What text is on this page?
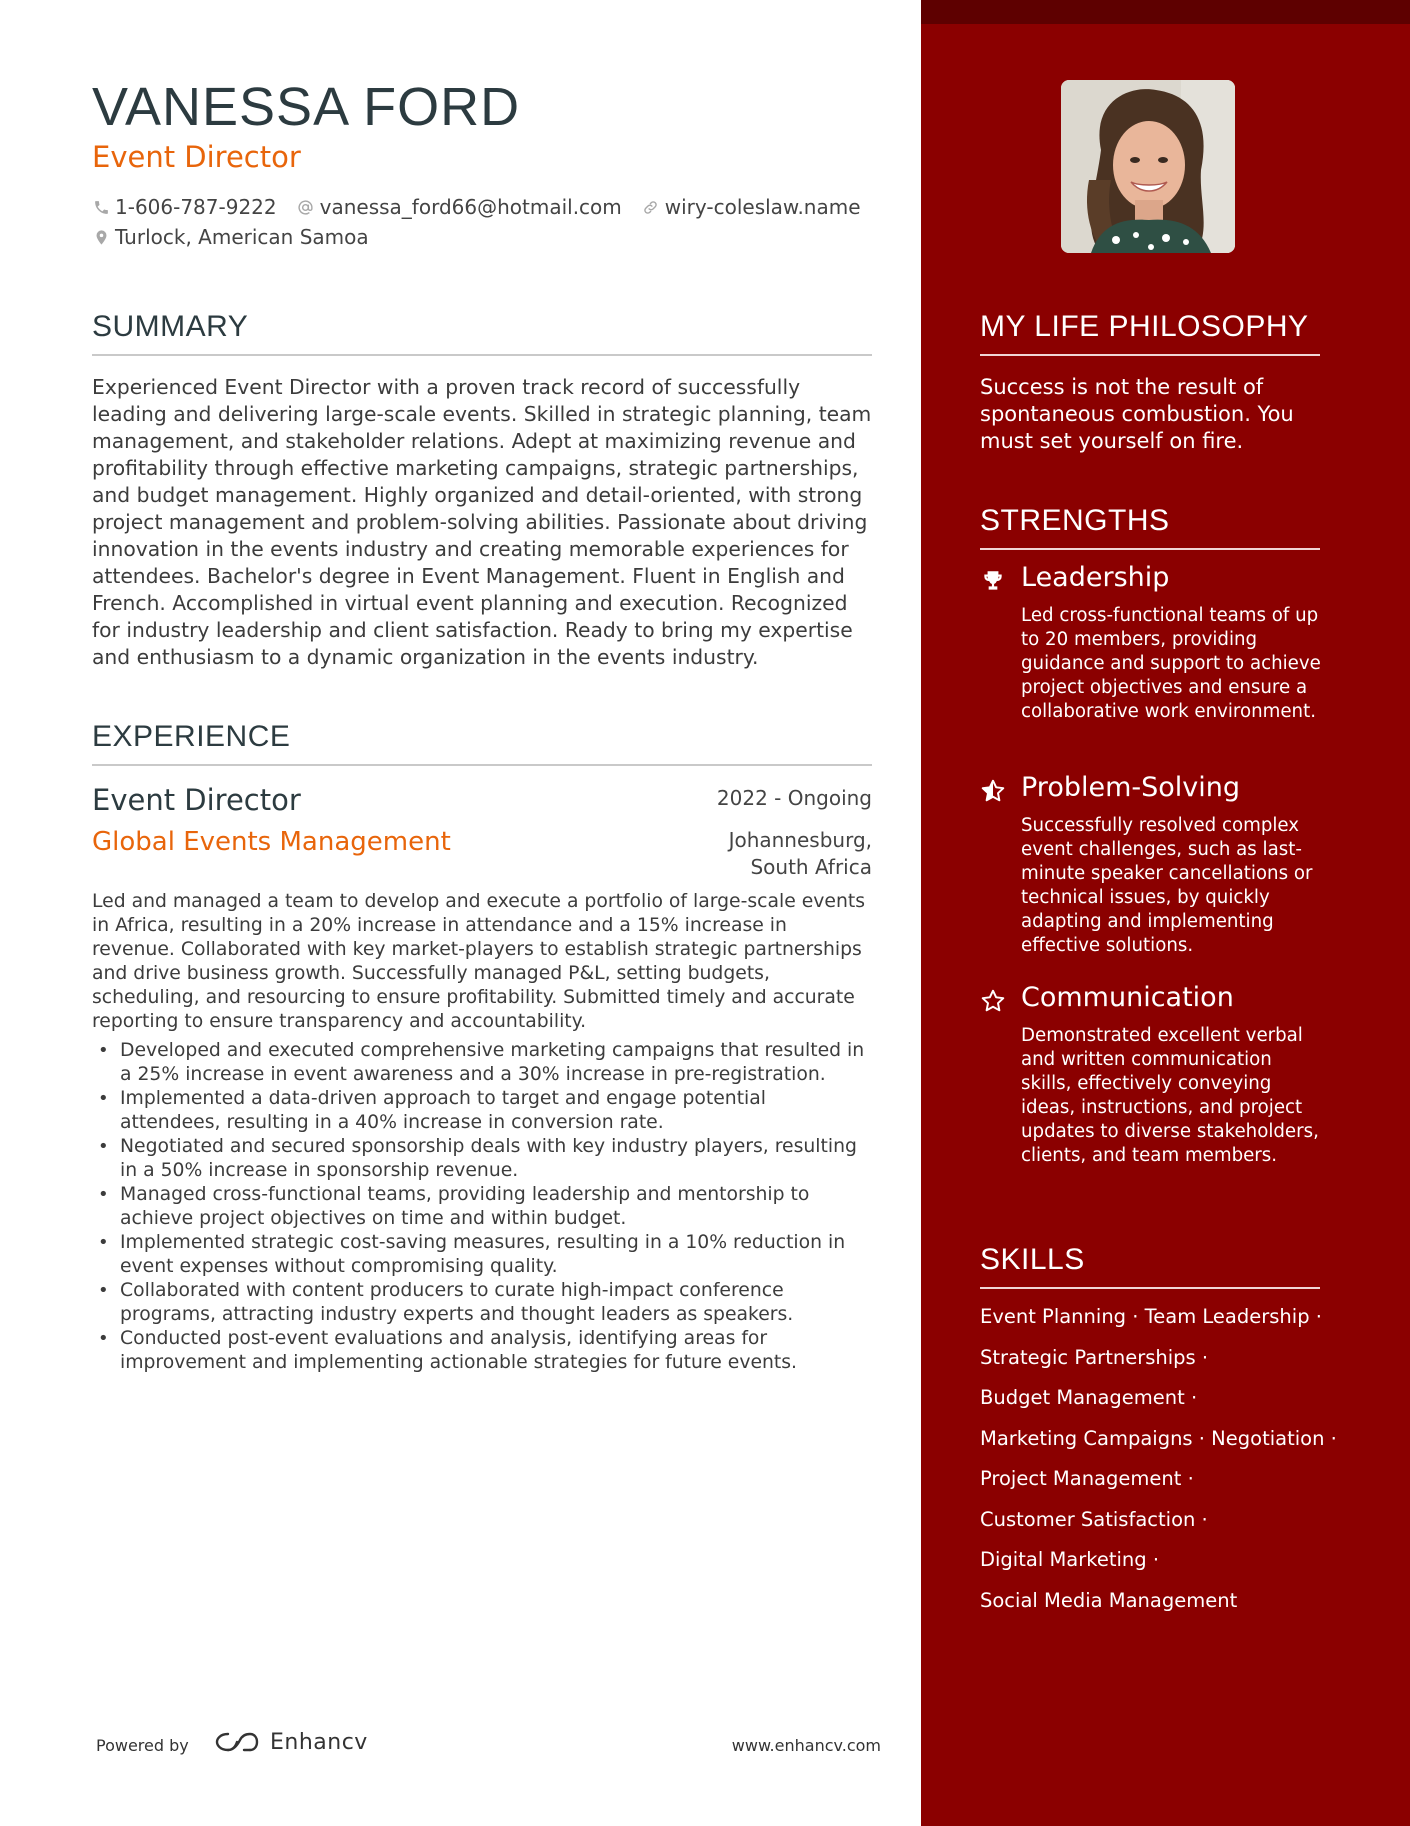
VANESSA FORD
Event Director
1-606-787-9222 vanessa_ford66@hotmail.com wiry-coleslaw.name
Turlock, American Samoa
SUMMARY
Experienced Event Director with a proven track record of successfully leading and delivering large-scale events. Skilled in strategic planning, team management, and stakeholder relations. Adept at maximizing revenue and profitability through effective marketing campaigns, strategic partnerships, and budget management. Highly organized and detail-oriented, with strong project management and problem-solving abilities. Passionate about driving innovation in the events industry and creating memorable experiences for attendees. Bachelor's degree in Event Management. Fluent in English and French. Accomplished in virtual event planning and execution. Recognized for industry leadership and client satisfaction. Ready to bring my expertise and enthusiasm to a dynamic organization in the events industry.
EXPERIENCE
Event Director	2022 - Ongoing
Global Events Management	Johannesburg,
South Africa
Led and managed a team to develop and execute a portfolio of large-scale events in Africa, resulting in a 20% increase in attendance and a 15% increase in revenue. Collaborated with key market-players to establish strategic partnerships and drive business growth. Successfully managed P&L, setting budgets, scheduling, and resourcing to ensure profitability. Submitted timely and accurate reporting to ensure transparency and accountability.
• Developed and executed comprehensive marketing campaigns that resulted in a 25% increase in event awareness and a 30% increase in pre-registration.
• Implemented a data-driven approach to target and engage potential attendees, resulting in a 40% increase in conversion rate.
• Negotiated and secured sponsorship deals with key industry players, resulting in a 50% increase in sponsorship revenue.
• Managed cross-functional teams, providing leadership and mentorship to achieve project objectives on time and within budget.
• Implemented strategic cost-saving measures, resulting in a 10% reduction in event expenses without compromising quality.
• Collaborated with content producers to curate high-impact conference programs, attracting industry experts and thought leaders as speakers.
• Conducted post-event evaluations and analysis, identifying areas for improvement and implementing actionable strategies for future events.
Powered by	Enhancv	www.enhancv.com
MY LIFE PHILOSOPHY
Success is not the result of spontaneous combustion. You must set yourself on fire.
STRENGTHS
Leadership
Led cross-functional teams of up to 20 members, providing guidance and support to achieve project objectives and ensure a collaborative work environment.
Problem-Solving
Successfully resolved complex event challenges, such as last-minute speaker cancellations or technical issues, by quickly adapting and implementing effective solutions.
Communication
Demonstrated excellent verbal and written communication skills, effectively conveying ideas, instructions, and project updates to diverse stakeholders, clients, and team members.
SKILLS
Event Planning · Team Leadership ·
Strategic Partnerships ·
Budget Management ·
Marketing Campaigns · Negotiation ·
Project Management ·
Customer Satisfaction ·
Digital Marketing ·
Social Media Management
